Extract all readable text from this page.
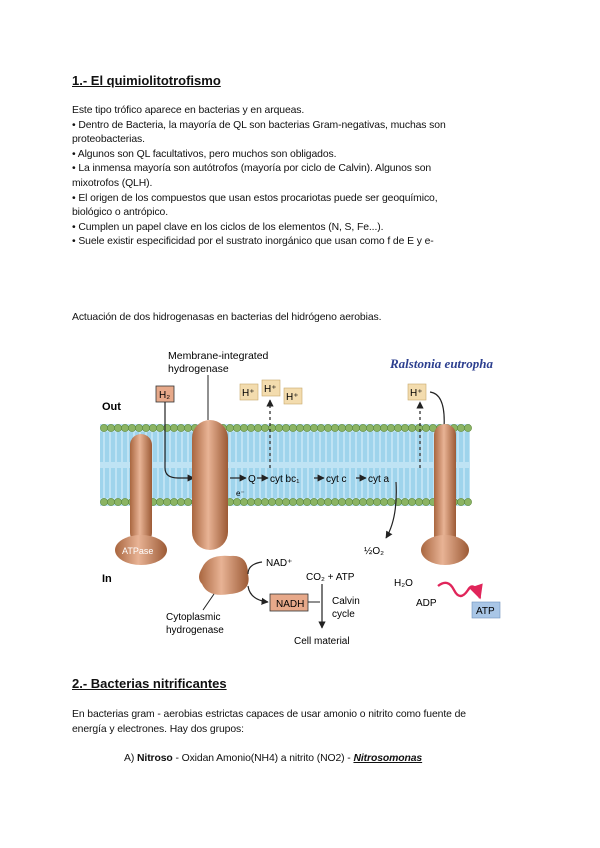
1.- El quimiolitotrofismo
Este tipo trófico aparece en bacterias y en arqueas.
• Dentro de Bacteria, la mayoría de QL son bacterias Gram-negativas, muchas son
proteobacterias.
• Algunos son QL facultativos, pero muchos son obligados.
• La inmensa mayoría son autótrofos (mayoría por ciclo de Calvin). Algunos son
mixotrofos (QLH).
• El origen de los compuestos que usan estos procariotas puede ser geoquímico,
biológico o antrópico.
• Cumplen un papel clave en los ciclos de los elementos (N, S, Fe...).
• Suele existir especificidad por el sustrato inorgánico que usan como f de E y e-
Actuación de dos hidrogenasas en bacterias del hidrógeno aerobias.
Out
In
H₂
Membrane-integrated
hydrogenase
ATPase
H⁺ H⁺
H⁺
Q
e⁻
cyt bc₁	cyt c cyt a
½O₂
H₂O
Ralstonia eutropha
H⁺
ADP
ATP
Cytoplasmic
hydrogenase
NAD⁺
NADH
CO₂ + ATP
Calvin
cycle
Cell material
2.- Bacterias nitrificantes
En bacterias gram - aerobias estrictas capaces de usar amonio o nitrito como fuente de
energía y electrones. Hay dos grupos:
A) Nitroso - Oxidan Amonio(NH4) a nitrito (NO2) - Nitrosomonas
